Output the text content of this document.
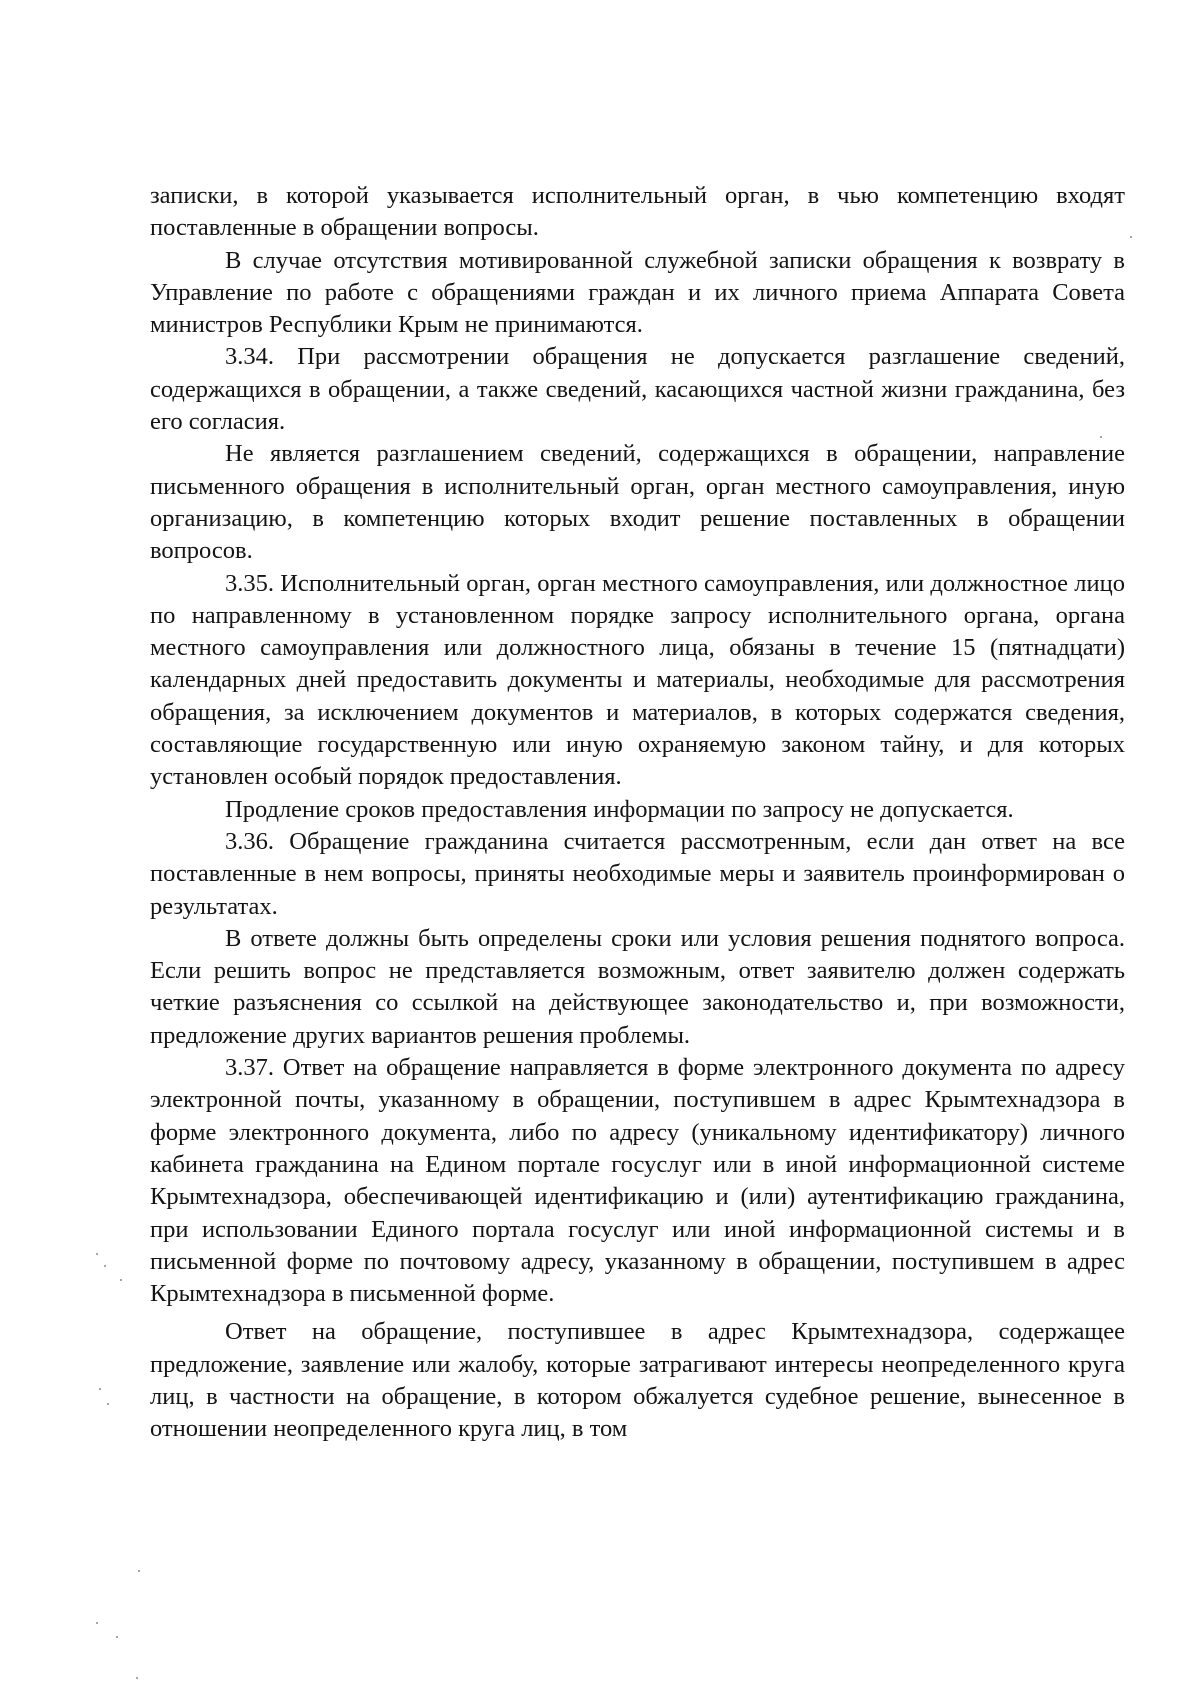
записки, в которой указывается исполнительный орган, в чью компетенцию входят поставленные в обращении вопросы.

В случае отсутствия мотивированной служебной записки обращения к возврату в Управление по работе с обращениями граждан и их личного приема Аппарата Совета министров Республики Крым не принимаются.

3.34. При рассмотрении обращения не допускается разглашение сведений, содержащихся в обращении, а также сведений, касающихся частной жизни гражданина, без его согласия.

Не является разглашением сведений, содержащихся в обращении, направление письменного обращения в исполнительный орган, орган местного самоуправления, иную организацию, в компетенцию которых входит решение поставленных в обращении вопросов.

3.35. Исполнительный орган, орган местного самоуправления, или должностное лицо по направленному в установленном порядке запросу исполнительного органа, органа местного самоуправления или должностного лица, обязаны в течение 15 (пятнадцати) календарных дней предоставить документы и материалы, необходимые для рассмотрения обращения, за исключением документов и материалов, в которых содержатся сведения, составляющие государственную или иную охраняемую законом тайну, и для которых установлен особый порядок предоставления.

Продление сроков предоставления информации по запросу не допускается.

3.36. Обращение гражданина считается рассмотренным, если дан ответ на все поставленные в нем вопросы, приняты необходимые меры и заявитель проинформирован о результатах.

В ответе должны быть определены сроки или условия решения поднятого вопроса. Если решить вопрос не представляется возможным, ответ заявителю должен содержать четкие разъяснения со ссылкой на действующее законодательство и, при возможности, предложение других вариантов решения проблемы.

3.37. Ответ на обращение направляется в форме электронного документа по адресу электронной почты, указанному в обращении, поступившем в адрес Крымтехнадзора в форме электронного документа, либо по адресу (уникальному идентификатору) личного кабинета гражданина на Едином портале госуслуг или в иной информационной системе Крымтехнадзора, обеспечивающей идентификацию и (или) аутентификацию гражданина, при использовании Единого портала госуслуг или иной информационной системы и в письменной форме по почтовому адресу, указанному в обращении, поступившем в адрес Крымтехнадзора в письменной форме.

Ответ на обращение, поступившее в адрес Крымтехнадзора, содержащее предложение, заявление или жалобу, которые затрагивают интересы неопределенного круга лиц, в частности на обращение, в котором обжалуется судебное решение, вынесенное в отношении неопределенного круга лиц, в том
